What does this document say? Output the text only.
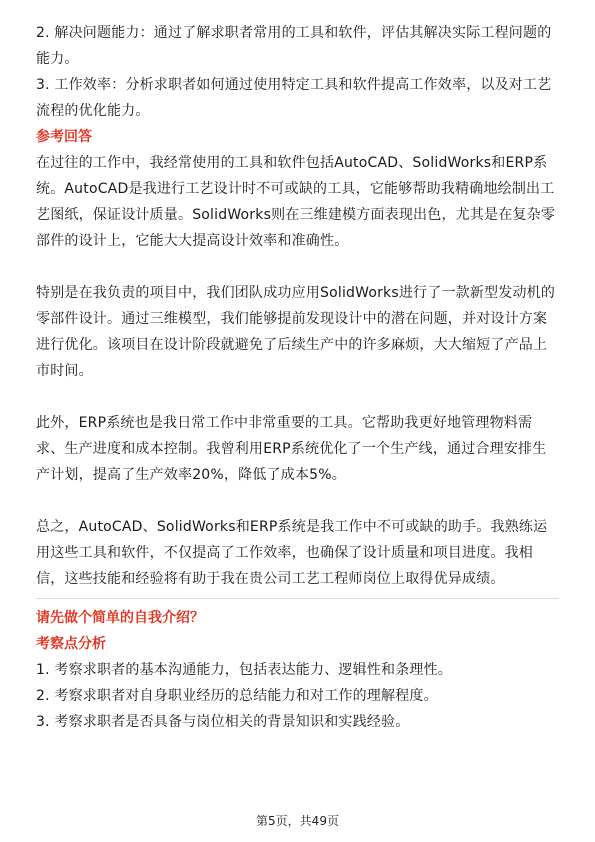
2. 解决问题能力：通过了解求职者常用的工具和软件，评估其解决实际工程问题的能力。

3. 工作效率：分析求职者如何通过使用特定工具和软件提高工作效率，以及对工艺流程的优化能力。

参考回答

在过往的工作中，我经常使用的工具和软件包括AutoCAD、SolidWorks和ERP系统。AutoCAD是我进行工艺设计时不可或缺的工具，它能够帮助我精确地绘制出工艺图纸，保证设计质量。SolidWorks则在三维建模方面表现出色，尤其是在复杂零部件的设计上，它能大大提高设计效率和准确性。

特别是在我负责的项目中，我们团队成功应用SolidWorks进行了一款新型发动机的零部件设计。通过三维模型，我们能够提前发现设计中的潜在问题，并对设计方案进行优化。该项目在设计阶段就避免了后续生产中的许多麻烦，大大缩短了产品上市时间。

此外，ERP系统也是我日常工作中非常重要的工具。它帮助我更好地管理物料需求、生产进度和成本控制。我曾利用ERP系统优化了一个生产线，通过合理安排生产计划，提高了生产效率20%，降低了成本5%。

总之，AutoCAD、SolidWorks和ERP系统是我工作中不可或缺的助手。我熟练运用这些工具和软件，不仅提高了工作效率，也确保了设计质量和项目进度。我相信，这些技能和经验将有助于我在贵公司工艺工程师岗位上取得优异成绩。

请先做个简单的自我介绍？

考察点分析

1. 考察求职者的基本沟通能力，包括表达能力、逻辑性和条理性。

2. 考察求职者对自身职业经历的总结能力和对工作的理解程度。

3. 考察求职者是否具备与岗位相关的背景知识和实践经验。

第5页，共49页
